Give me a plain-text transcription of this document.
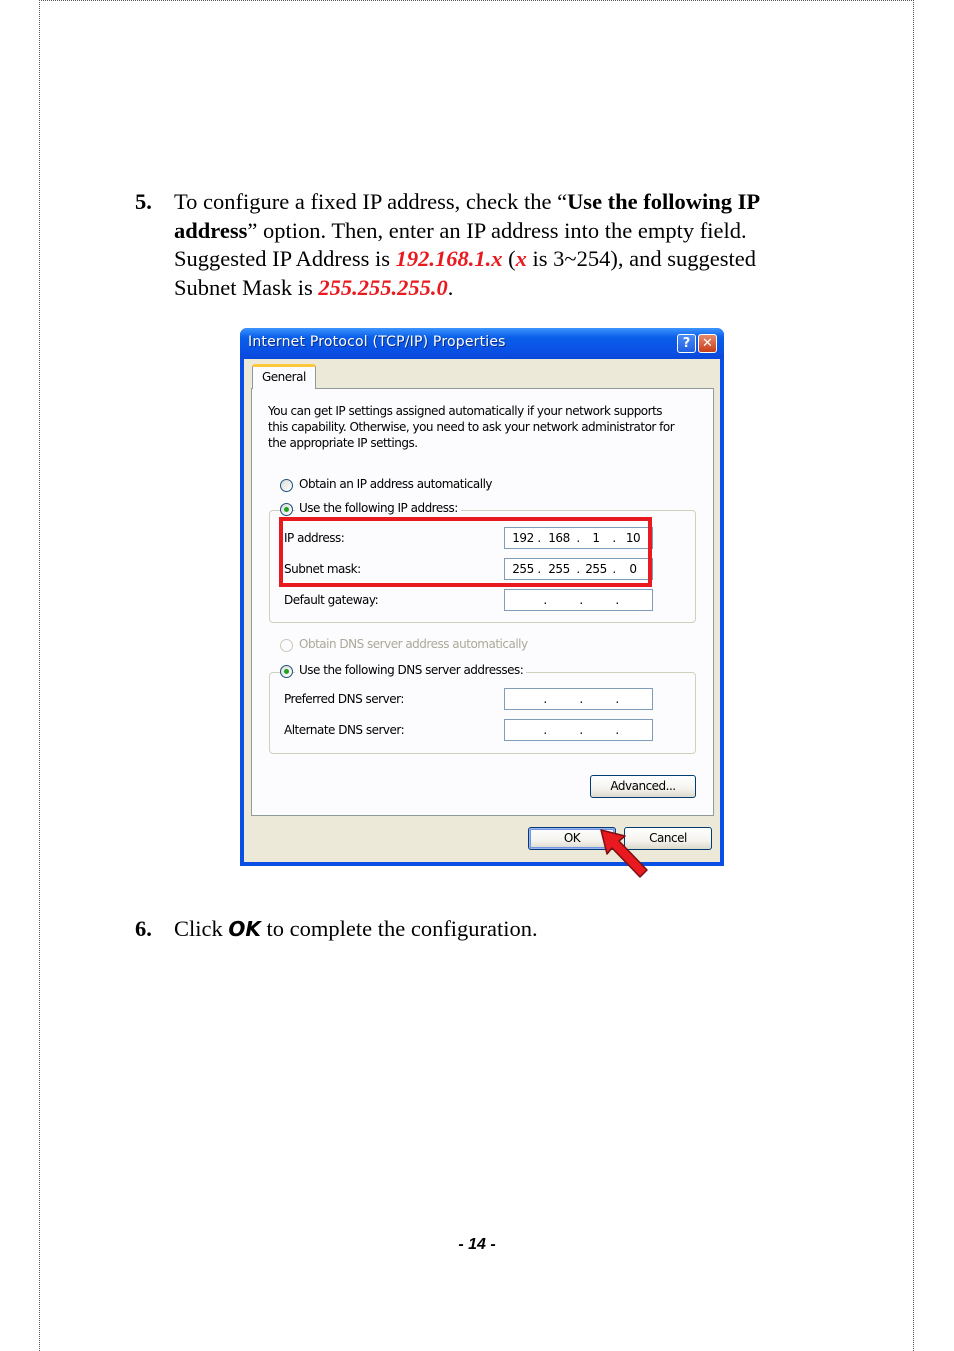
5. To configure a fixed IP address, check the “Use the following IP
address” option. Then, enter an IP address into the empty field.
Suggested IP Address is 192.168.1.x (x is 3~254), and suggested
Subnet Mask is 255.255.255.0.
Internet Protocol (TCP/IP) Properties	? ✕
General
You can get IP settings assigned automatically if your network supports
this capability. Otherwise, you need to ask your network administrator for
the appropriate IP settings.
Obtain an IP address automatically
Use the following IP address:
IP address:	192 . 168 .	1	. 10
Subnet mask:	255 . 255 . 255 .	0
Default gateway:	.	.	.
Obtain DNS server address automatically
Use the following DNS server addresses:
Preferred DNS server:	.	.	.
Alternate DNS server:	.	.	.
Advanced...
OK	Cancel
6. Click OK to complete the configuration.
- 14 -
